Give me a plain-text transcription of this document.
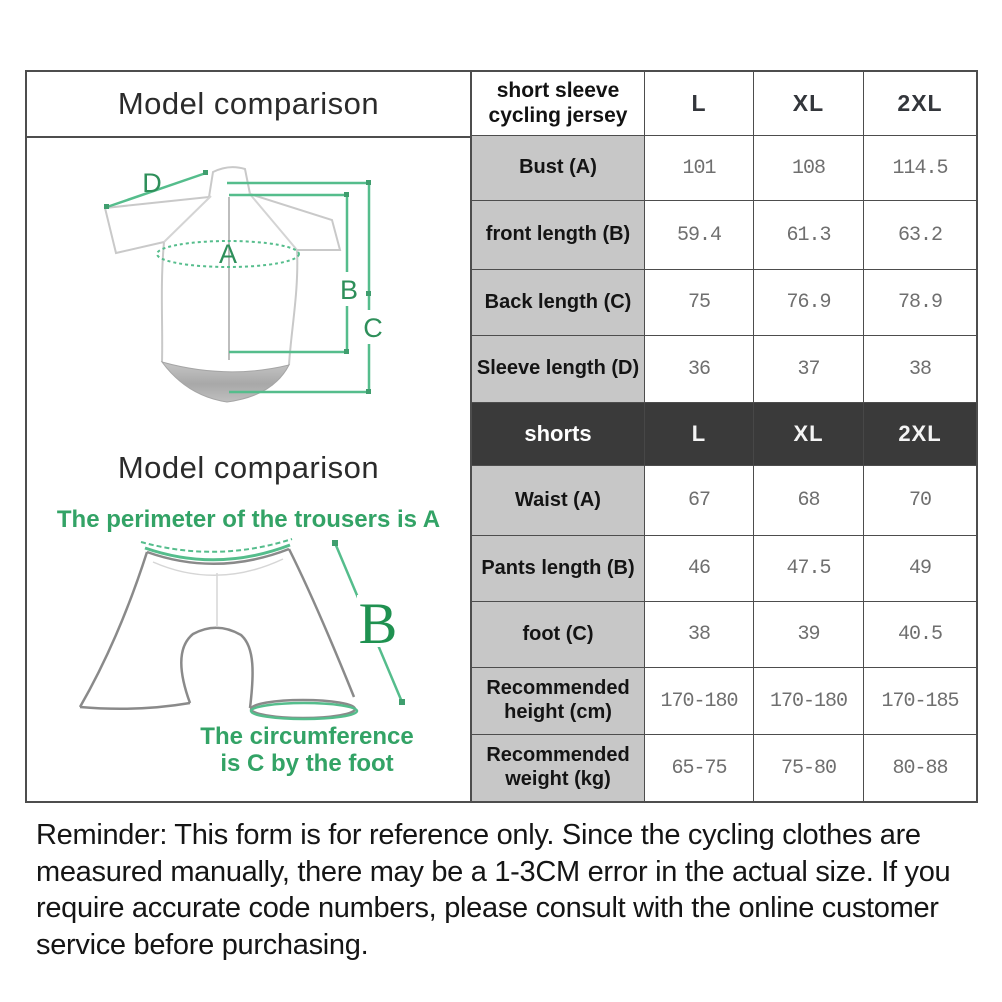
Model comparison
D
A
B
C
Model comparison
The perimeter of the trousers is A
B
The circumference
is C by the foot
short sleeve cycling jersey	L	XL	2XL
Bust (A)	101	108	114.5
front length (B)	59.4	61.3	63.2
Back length (C)	75	76.9	78.9
Sleeve length (D)	36	37	38
shorts	L	XL	2XL
Waist (A)	67	68	70
Pants length (B)	46	47.5	49
foot (C)	38	39	40.5
Recommended height (cm)	170-180	170-180	170-185
Recommended weight (kg)	65-75	75-80	80-88
Reminder: This form is for reference only. Since the cycling clothes are measured manually, there may be a 1-3CM error in the actual size. If you require accurate code numbers, please consult with the online customer service before purchasing.
